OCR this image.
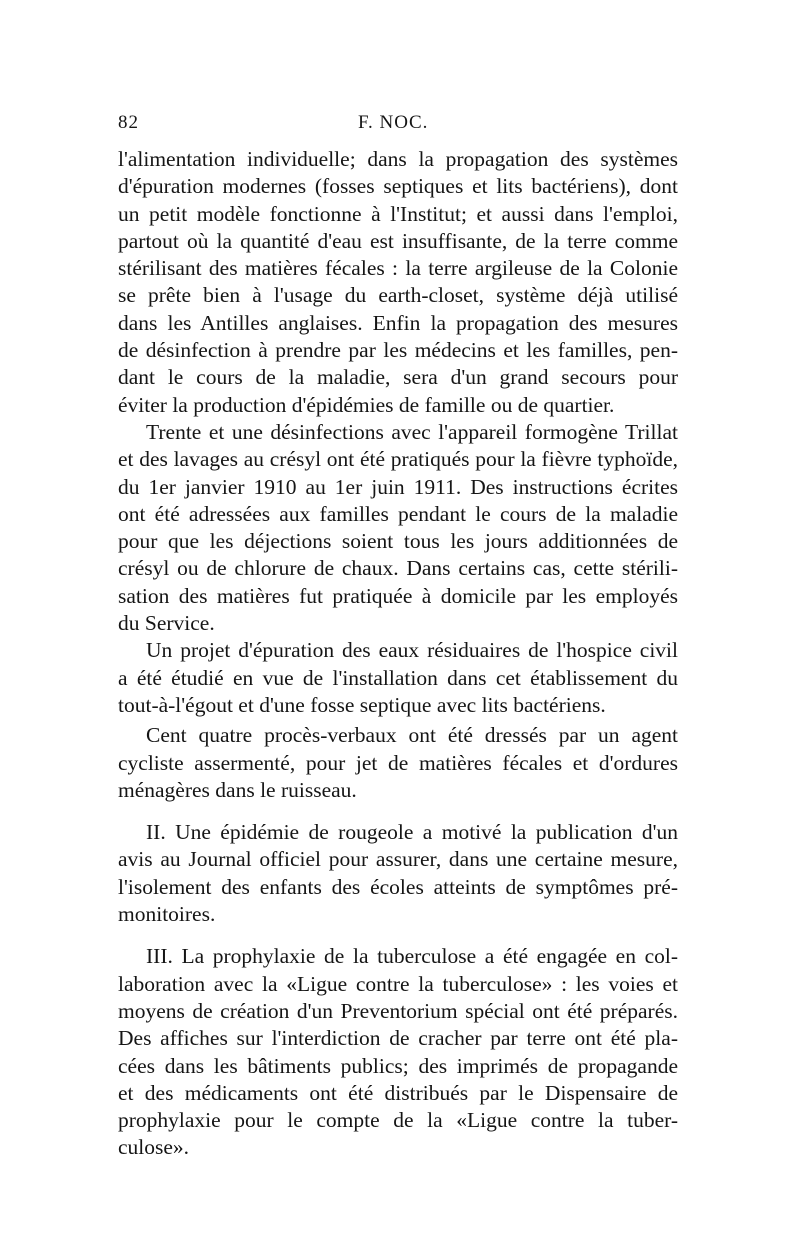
82	F. NOC.
l'alimentation individuelle; dans la propagation des systèmes
d'épuration modernes (fosses septiques et lits bactériens), dont
un petit modèle fonctionne à l'Institut; et aussi dans l'emploi,
partout où la quantité d'eau est insuffisante, de la terre comme
stérilisant des matières fécales : la terre argileuse de la Colonie
se prête bien à l'usage du earth-closet, système déjà utilisé
dans les Antilles anglaises. Enfin la propagation des mesures
de désinfection à prendre par les médecins et les familles, pen-
dant le cours de la maladie, sera d'un grand secours pour
éviter la production d'épidémies de famille ou de quartier.
Trente et une désinfections avec l'appareil formogène Trillat
et des lavages au crésyl ont été pratiqués pour la fièvre typhoïde,
du 1er janvier 1910 au 1er juin 1911. Des instructions écrites
ont été adressées aux familles pendant le cours de la maladie
pour que les déjections soient tous les jours additionnées de
crésyl ou de chlorure de chaux. Dans certains cas, cette stérili-
sation des matières fut pratiquée à domicile par les employés
du Service.
Un projet d'épuration des eaux résiduaires de l'hospice civil
a été étudié en vue de l'installation dans cet établissement du
tout-à-l'égout et d'une fosse septique avec lits bactériens.
Cent quatre procès-verbaux ont été dressés par un agent
cycliste assermenté, pour jet de matières fécales et d'ordures
ménagères dans le ruisseau.
II. Une épidémie de rougeole a motivé la publication d'un
avis au Journal officiel pour assurer, dans une certaine mesure,
l'isolement des enfants des écoles atteints de symptômes pré-
monitoires.
III. La prophylaxie de la tuberculose a été engagée en col-
laboration avec la «Ligue contre la tuberculose» : les voies et
moyens de création d'un Preventorium spécial ont été préparés.
Des affiches sur l'interdiction de cracher par terre ont été pla-
cées dans les bâtiments publics; des imprimés de propagande
et des médicaments ont été distribués par le Dispensaire de
prophylaxie pour le compte de la «Ligue contre la tuber-
culose».
